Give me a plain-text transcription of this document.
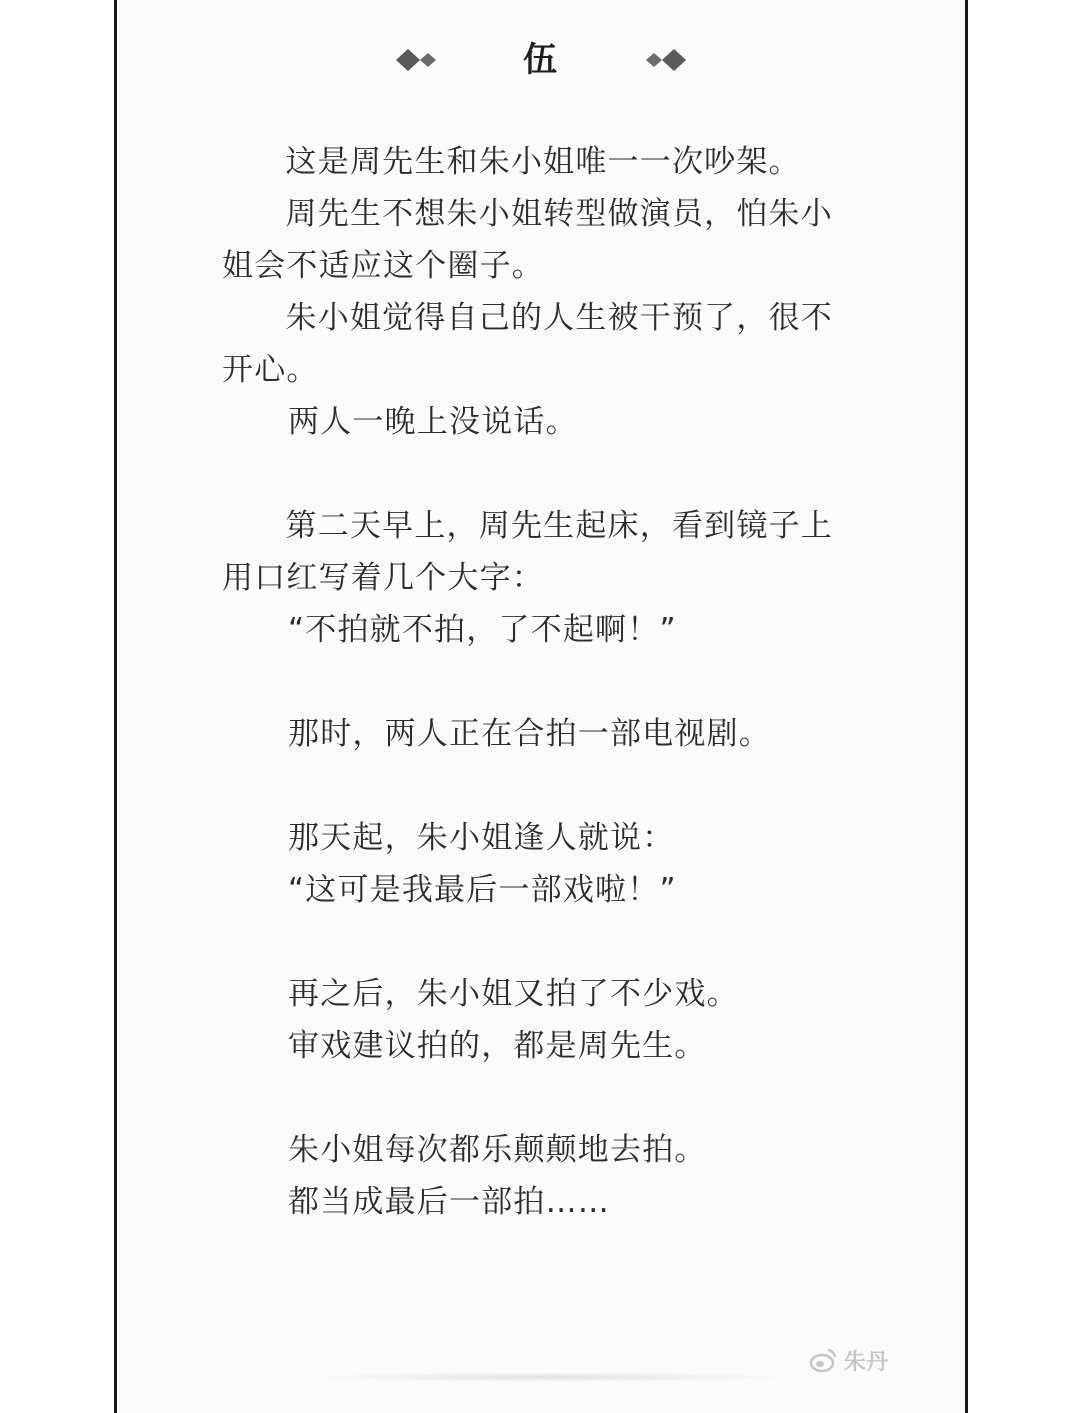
伍

这是周先生和朱小姐唯一一次吵架。

周先生不想朱小姐转型做演员，怕朱小姐会不适应这个圈子。

朱小姐觉得自己的人生被干预了，很不开心。

两人一晚上没说话。

第二天早上，周先生起床，看到镜子上用口红写着几个大字：

“不拍就不拍，了不起啊！”

那时，两人正在合拍一部电视剧。

那天起，朱小姐逢人就说：

“这可是我最后一部戏啦！”

再之后，朱小姐又拍了不少戏。

审戏建议拍的，都是周先生。

朱小姐每次都乐颠颠地去拍。

都当成最后一部拍……

朱丹
